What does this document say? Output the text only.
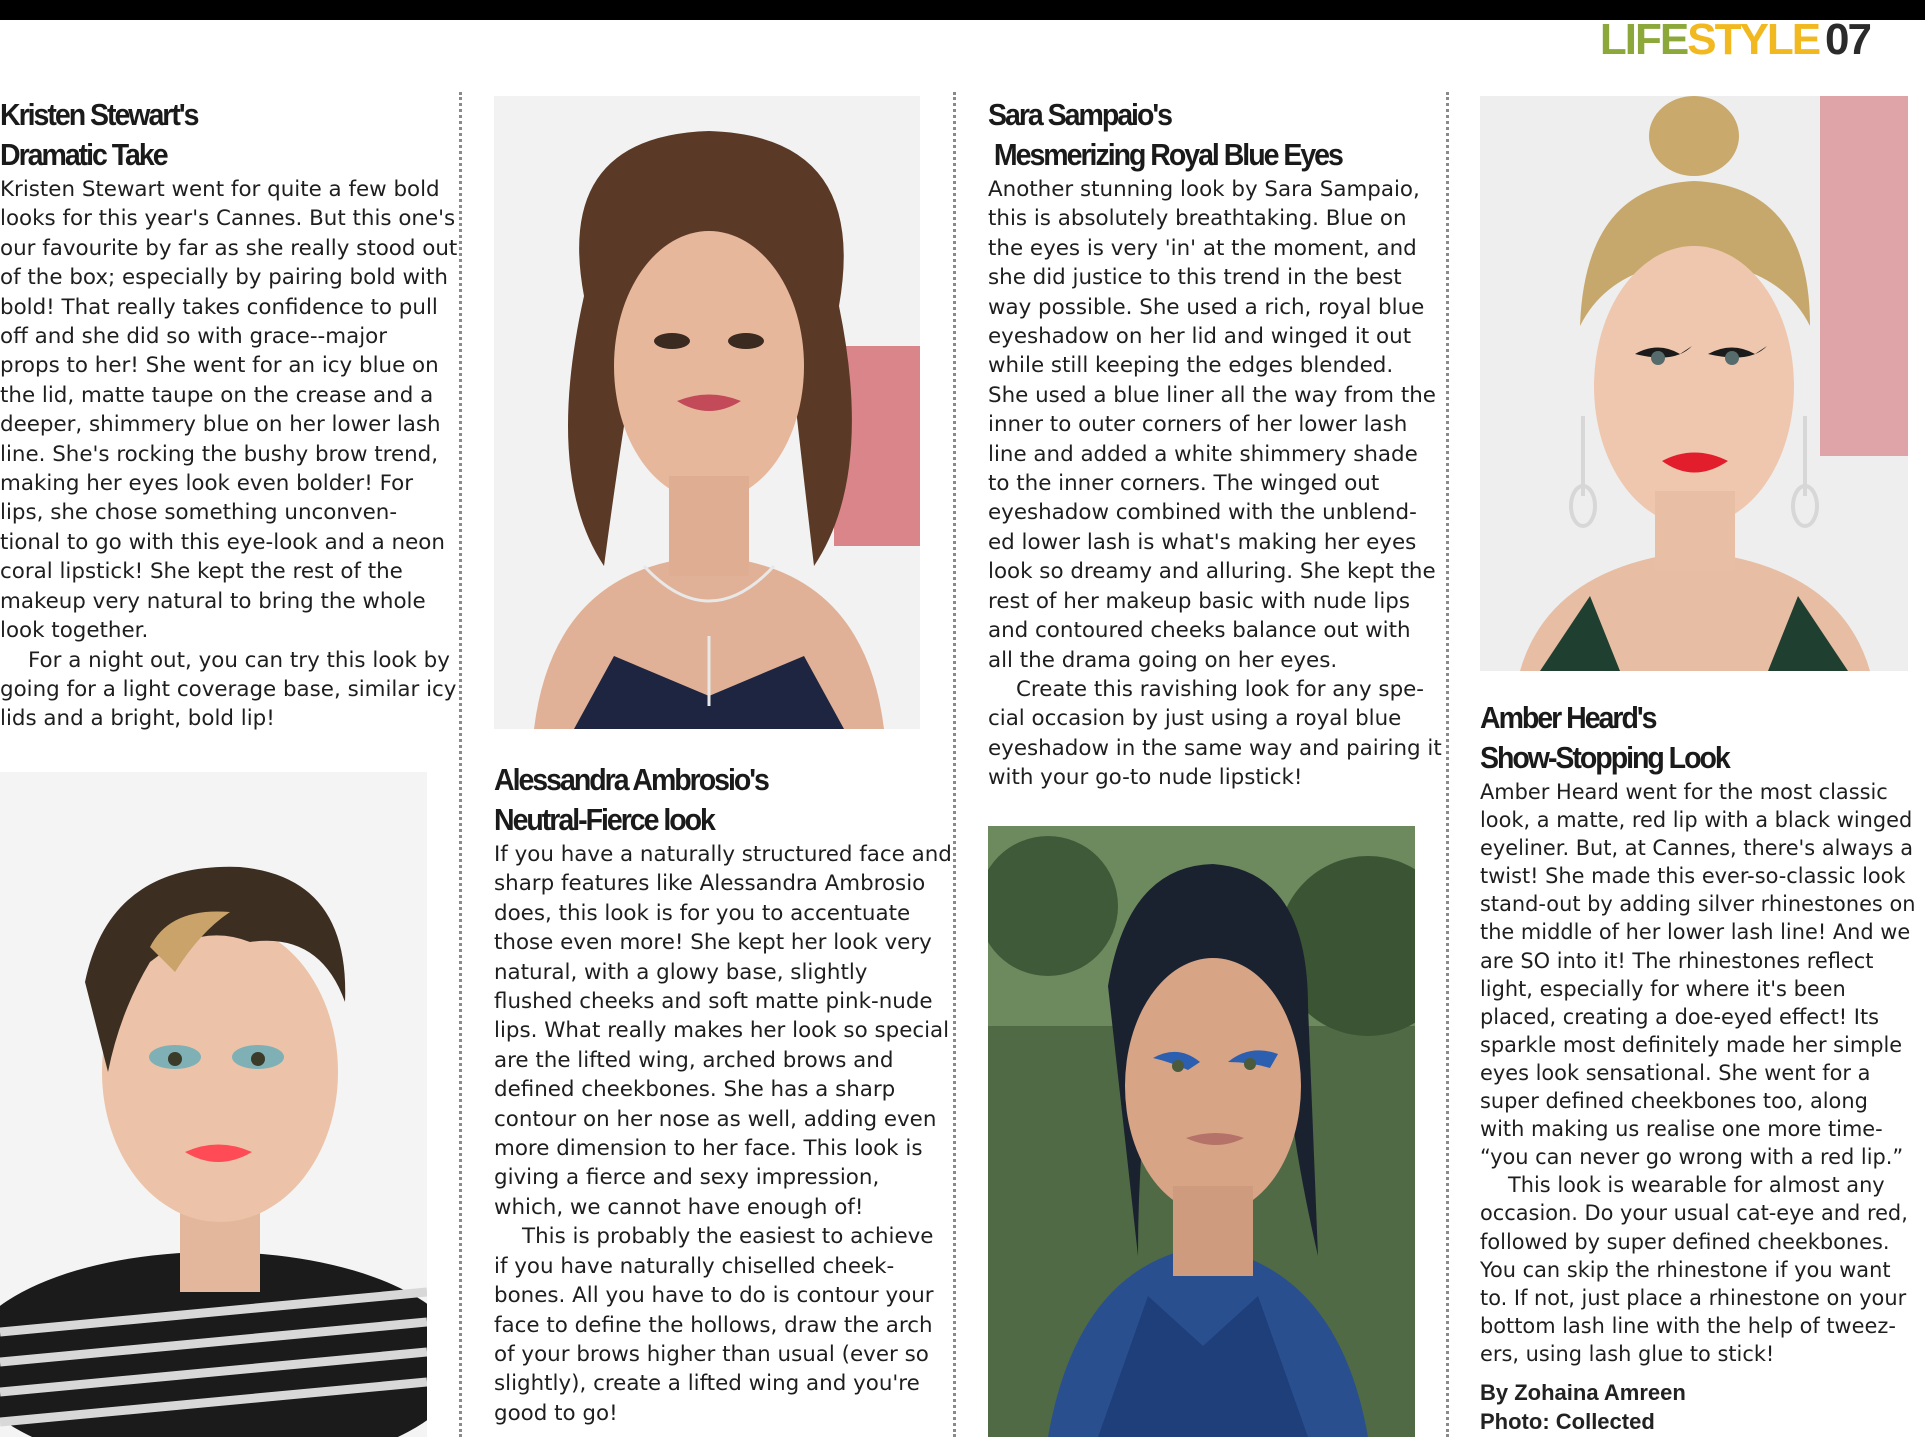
LIFESTYLE 07
Kristen Stewart's
Dramatic Take

Kristen Stewart went for quite a few bold
looks for this year's Cannes. But this one's
our favourite by far as she really stood out
of the box; especially by pairing bold with
bold! That really takes confidence to pull
off and she did so with grace--major
props to her! She went for an icy blue on
the lid, matte taupe on the crease and a
deeper, shimmery blue on her lower lash
line. She's rocking the bushy brow trend,
making her eyes look even bolder! For
lips, she chose something unconven-
tional to go with this eye-look and a neon
coral lipstick! She kept the rest of the
makeup very natural to bring the whole
look together.

For a night out, you can try this look by
going for a light coverage base, similar icy
lids and a bright, bold lip!

Alessandra Ambrosio's
Neutral-Fierce look

If you have a naturally structured face and
sharp features like Alessandra Ambrosio
does, this look is for you to accentuate
those even more! She kept her look very
natural, with a glowy base, slightly
flushed cheeks and soft matte pink-nude
lips. What really makes her look so special
are the lifted wing, arched brows and
defined cheekbones. She has a sharp
contour on her nose as well, adding even
more dimension to her face. This look is
giving a fierce and sexy impression,
which, we cannot have enough of!

This is probably the easiest to achieve
if you have naturally chiselled cheek-
bones. All you have to do is contour your
face to define the hollows, draw the arch
of your brows higher than usual (ever so
slightly), create a lifted wing and you're
good to go!

Sara Sampaio's
Mesmerizing Royal Blue Eyes

Another stunning look by Sara Sampaio,
this is absolutely breathtaking. Blue on
the eyes is very 'in' at the moment, and
she did justice to this trend in the best
way possible. She used a rich, royal blue
eyeshadow on her lid and winged it out
while still keeping the edges blended.
She used a blue liner all the way from the
inner to outer corners of her lower lash
line and added a white shimmery shade
to the inner corners. The winged out
eyeshadow combined with the unblend-
ed lower lash is what's making her eyes
look so dreamy and alluring. She kept the
rest of her makeup basic with nude lips
and contoured cheeks balance out with
all the drama going on her eyes.

Create this ravishing look for any spe-
cial occasion by just using a royal blue
eyeshadow in the same way and pairing it
with your go-to nude lipstick!

Amber Heard's
Show-Stopping Look

Amber Heard went for the most classic
look, a matte, red lip with a black winged
eyeliner. But, at Cannes, there's always a
twist! She made this ever-so-classic look
stand-out by adding silver rhinestones on
the middle of her lower lash line! And we
are SO into it! The rhinestones reflect
light, especially for where it's been
placed, creating a doe-eyed effect! Its
sparkle most definitely made her simple
eyes look sensational. She went for a
super defined cheekbones too, along
with making us realise one more time-
“you can never go wrong with a red lip.”

This look is wearable for almost any
occasion. Do your usual cat-eye and red,
followed by super defined cheekbones.
You can skip the rhinestone if you want
to. If not, just place a rhinestone on your
bottom lash line with the help of tweez-
ers, using lash glue to stick!

By Zohaina Amreen
Photo: Collected
